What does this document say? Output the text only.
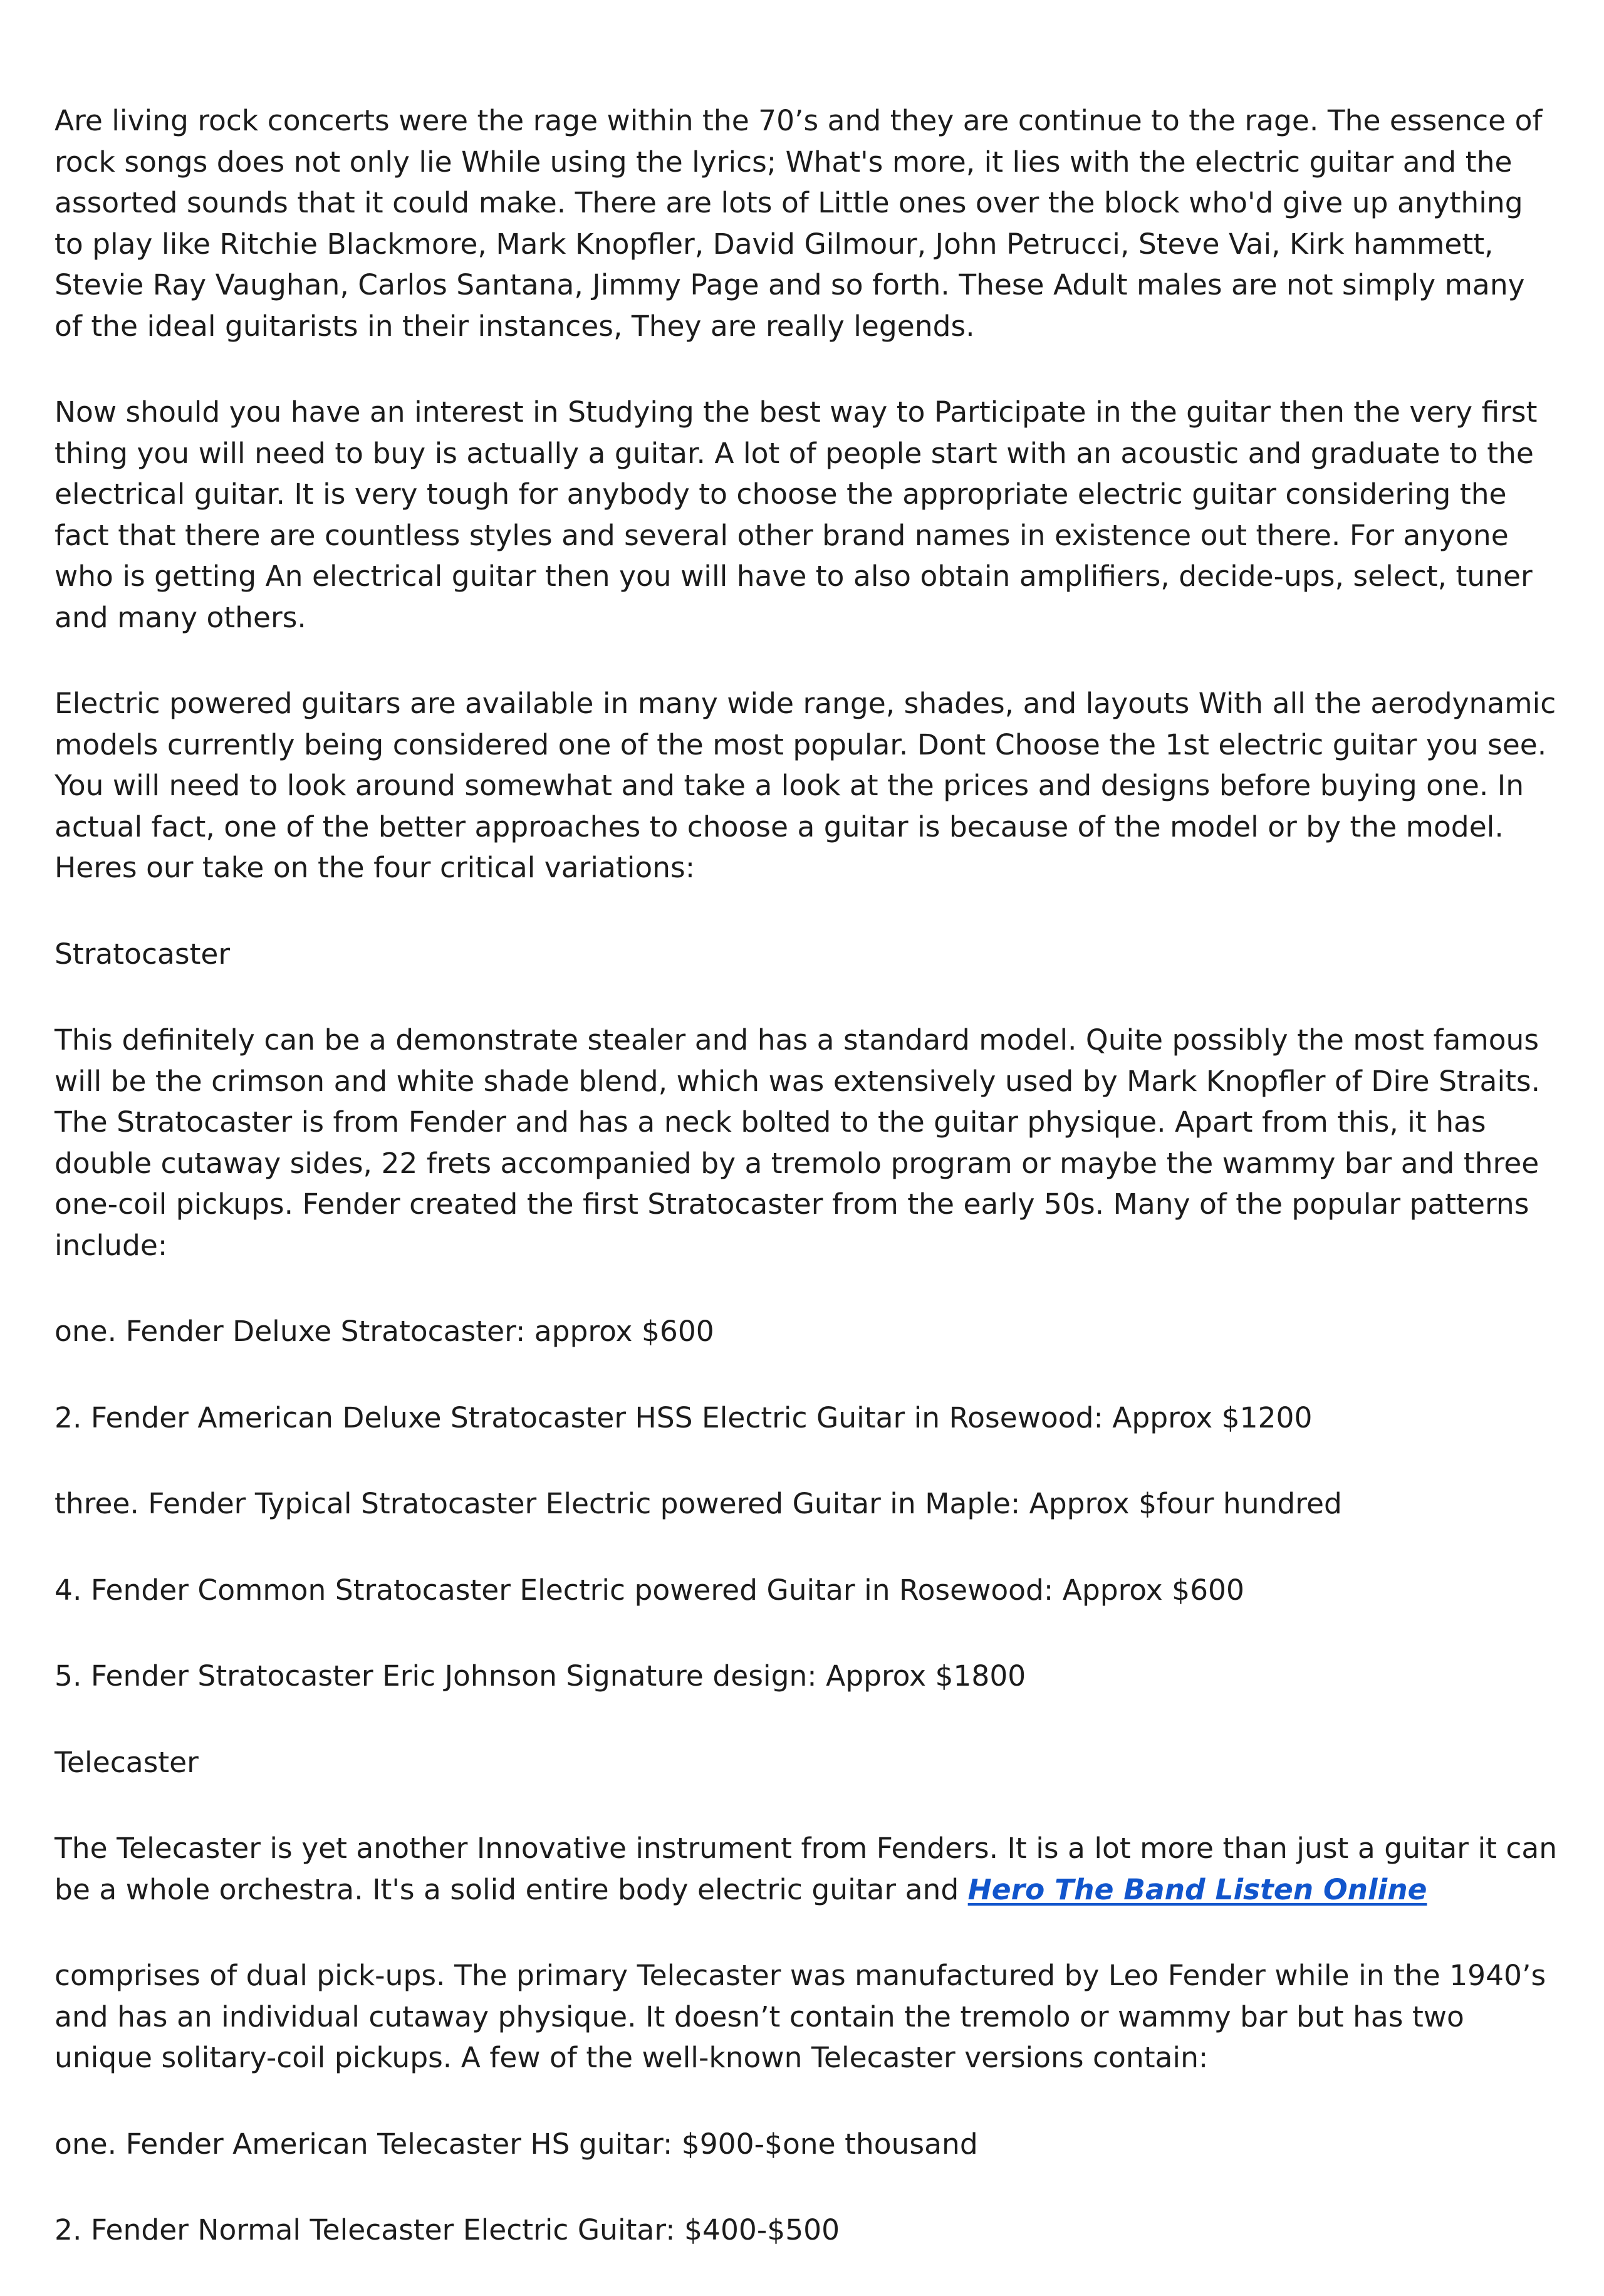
Are living rock concerts were the rage within the 70’s and they are continue to the rage. The essence of rock songs does not only lie While using the lyrics; What's more, it lies with the electric guitar and the assorted sounds that it could make. There are lots of Little ones over the block who'd give up anything to play like Ritchie Blackmore, Mark Knopfler, David Gilmour, John Petrucci, Steve Vai, Kirk hammett, Stevie Ray Vaughan, Carlos Santana, Jimmy Page and so forth. These Adult males are not simply many of the ideal guitarists in their instances, They are really legends.

Now should you have an interest in Studying the best way to Participate in the guitar then the very first thing you will need to buy is actually a guitar. A lot of people start with an acoustic and graduate to the electrical guitar. It is very tough for anybody to choose the appropriate electric guitar considering the fact that there are countless styles and several other brand names in existence out there. For anyone who is getting An electrical guitar then you will have to also obtain amplifiers, decide-ups, select, tuner and many others.

Electric powered guitars are available in many wide range, shades, and layouts With all the aerodynamic models currently being considered one of the most popular. Dont Choose the 1st electric guitar you see. You will need to look around somewhat and take a look at the prices and designs before buying one. In actual fact, one of the better approaches to choose a guitar is because of the model or by the model. Heres our take on the four critical variations:

Stratocaster

This definitely can be a demonstrate stealer and has a standard model. Quite possibly the most famous will be the crimson and white shade blend, which was extensively used by Mark Knopfler of Dire Straits. The Stratocaster is from Fender and has a neck bolted to the guitar physique. Apart from this, it has double cutaway sides, 22 frets accompanied by a tremolo program or maybe the wammy bar and three one-coil pickups. Fender created the first Stratocaster from the early 50s. Many of the popular patterns include:

one. Fender Deluxe Stratocaster: approx $600

2. Fender American Deluxe Stratocaster HSS Electric Guitar in Rosewood: Approx $1200

three. Fender Typical Stratocaster Electric powered Guitar in Maple: Approx $four hundred

4. Fender Common Stratocaster Electric powered Guitar in Rosewood: Approx $600

5. Fender Stratocaster Eric Johnson Signature design: Approx $1800

Telecaster

The Telecaster is yet another Innovative instrument from Fenders. It is a lot more than just a guitar it can be a whole orchestra. It's a solid entire body electric guitar and Hero The Band Listen Online

comprises of dual pick-ups. The primary Telecaster was manufactured by Leo Fender while in the 1940’s and has an individual cutaway physique. It doesn’t contain the tremolo or wammy bar but has two unique solitary-coil pickups. A few of the well-known Telecaster versions contain:

one. Fender American Telecaster HS guitar: $900-$one thousand

2. Fender Normal Telecaster Electric Guitar: $400-$500
